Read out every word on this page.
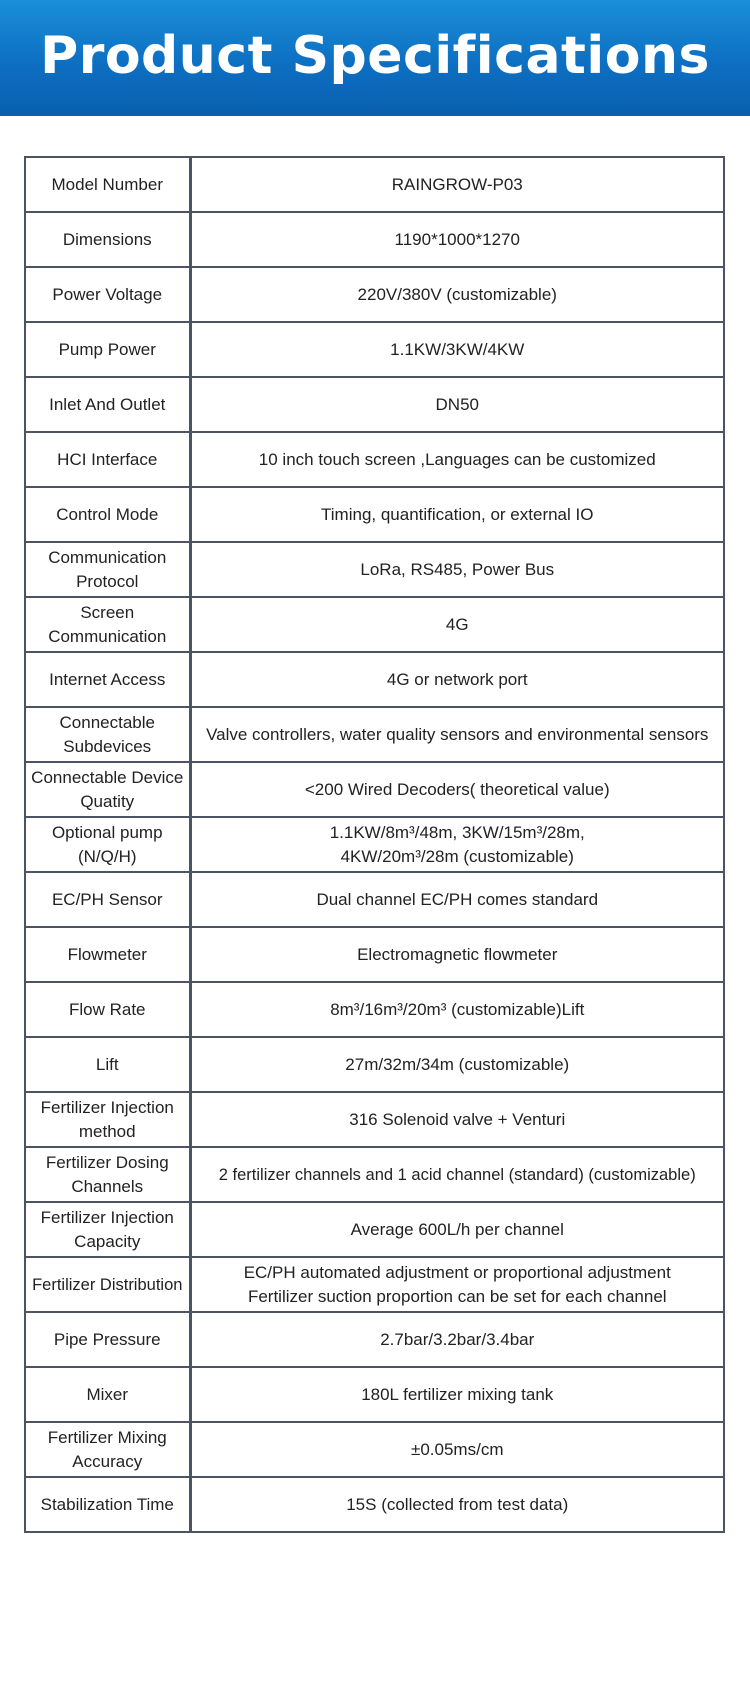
Product Specifications
Model Number	RAINGROW-P03
Dimensions	1190*1000*1270
Power Voltage	220V/380V (customizable)
Pump Power	1.1KW/3KW/4KW
Inlet And Outlet	DN50
HCI Interface	10 inch touch screen ,Languages can be customized
Control Mode	Timing, quantification, or external IO
Communication Protocol	LoRa, RS485, Power Bus
Screen Communication	4G
Internet Access	4G or network port
Connectable Subdevices	Valve controllers, water quality sensors and environmental sensors
Connectable Device Quatity	<200 Wired Decoders( theoretical value)
Optional pump (N/Q/H)	1.1KW/8m³/48m, 3KW/15m³/28m,
4KW/20m³/28m (customizable)
EC/PH Sensor	Dual channel EC/PH comes standard
Flowmeter	Electromagnetic flowmeter
Flow Rate	8m³/16m³/20m³ (customizable)Lift
Lift	27m/32m/34m (customizable)
Fertilizer Injection method	316 Solenoid valve + Venturi
Fertilizer Dosing Channels	2 fertilizer channels and 1 acid channel (standard) (customizable)
Fertilizer Injection Capacity	Average 600L/h per channel
Fertilizer Distribution	EC/PH automated adjustment or proportional adjustment
Fertilizer suction proportion can be set for each channel
Pipe Pressure	2.7bar/3.2bar/3.4bar
Mixer	180L fertilizer mixing tank
Fertilizer Mixing Accuracy	±0.05ms/cm
Stabilization Time	15S (collected from test data)
